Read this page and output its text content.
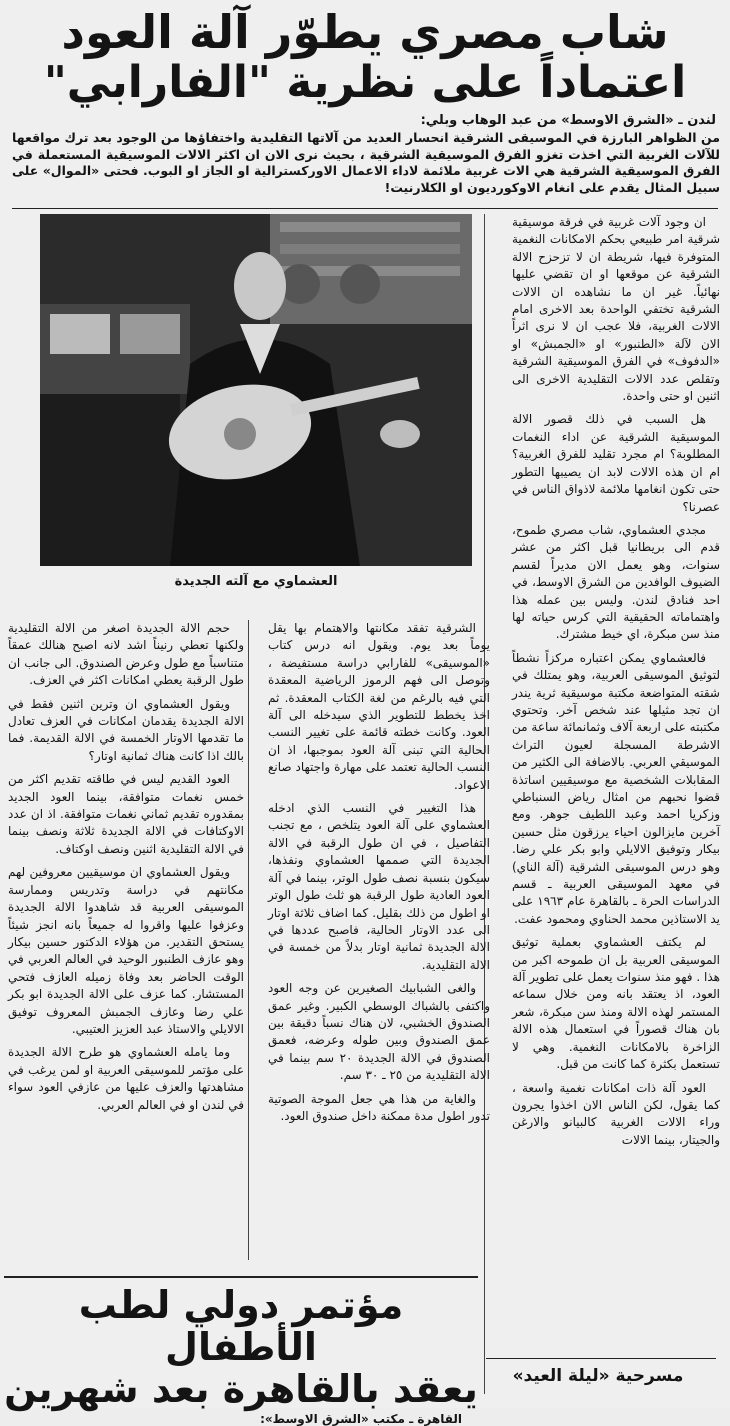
شاب مصري يطوّر آلة العود
اعتماداً على نظرية "الفارابي"
لندن ـ «الشرق الاوسط» من عبد الوهاب وبلي:
من الظواهر البارزة في الموسيقى الشرقية انحسار العديد من آلاتها التقليدية واختفاؤها من الوجود بعد ترك مواقعها للآلات الغربية التي اخذت تغزو الفرق الموسيقية الشرقية ، بحيث نرى الان ان اكثر الالات الموسيقية المستعملة في الفرق الموسيقية الشرقية هي الات غربية ملائمة لاداء الاعمال الاوركسترالية او الجاز او البوب. فحتى «الموال» على سبيل المثال يقدم على انغام الاوكورديون او الكلارنيت!
العشماوي مع آلته الجديدة

ان وجود آلات غربية في فرقة موسيقية شرقية امر طبيعي بحكم الامكانات النغمية المتوفرة فيها، شريطة ان لا تزحزح الالة الشرقية عن موقعها او ان تقضي عليها نهائياً. غير ان ما نشاهده ان الالات الشرقية تختفي الواحدة بعد الاخرى امام الالات الغربية، فلا عجب ان لا نرى اثراً الان لآلة «الطنبور» او «الجمبش» او «الدفوف» في الفرق الموسيقية الشرقية وتقلص عدد الالات التقليدية الاخرى الى اثنين او حتى واحدة.

هل السبب في ذلك قصور الالة الموسيقية الشرقية عن اداء النغمات المطلوبة؟ ام مجرد تقليد للفرق الغربية؟ ام ان هذه الالات لابد ان يصيبها التطور حتى تكون انغامها ملائمة لاذواق الناس في عصرنا؟

مجدي العشماوي، شاب مصري طموح، قدم الى بريطانيا قبل اكثر من عشر سنوات، وهو يعمل الان مديراً لقسم الضيوف الوافدين من الشرق الاوسط، في احد فنادق لندن. وليس بين عمله هذا واهتماماته الحقيقية التي كرس حياته لها منذ سن مبكرة، اي خيط مشترك.

فالعشماوي يمكن اعتباره مركزاً نشطاً لتوثيق الموسيقى العربية، وهو يمتلك في شقته المتواضعة مكتبة موسيقية ثرية يندر ان تجد مثيلها عند شخص آخر. وتحتوي مكتبته على اربعة آلاف وثمانمائة ساعة من الاشرطة المسجلة لعيون التراث الموسيقي العربي. بالاضافة الى الكثير من المقابلات الشخصية مع موسيقيين اساتذة قضوا نحبهم من امثال رياض السنباطي وزكريا احمد وعبد اللطيف جوهر. ومع آخرين مايزالون احياء يرزقون مثل حسين بيكار وتوفيق الالايلي وابو بكر علي رضا. وهو درس الموسيقى الشرقية (آلة الناي) في معهد الموسيقى العربية ـ قسم الدراسات الحرة ـ بالقاهرة عام ١٩٦٣ على يد الاستاذين محمد الحناوي ومحمود عفت.

لم يكتف العشماوي بعملية توثيق الموسيقى العربية بل ان طموحه اكبر من هذا . فهو منذ سنوات يعمل على تطوير آلة العود، اذ يعتقد بانه ومن خلال سماعه المستمر لهذه الالة ومنذ سن مبكرة، شعر بان هناك قصوراً في استعمال هذه الالة الزاخرة بالامكانات النغمية. وهي لا تستعمل بكثرة كما كانت من قبل.

العود آلة ذات امكانات نغمية واسعة ، كما يقول، لكن الناس الان اخذوا يجرون وراء الالات الغربية كالبيانو والارغن والجيتار، بينما الالات

الشرقية تفقد مكانتها والاهتمام بها يقل يوماً بعد يوم. ويقول انه درس كتاب «الموسيقى» للفارابي دراسة مستفيضة ، وتوصل الى فهم الرموز الرياضية المعقدة التي فيه بالرغم من لغة الكتاب المعقدة. ثم اخذ يخطط للتطوير الذي سيدخله الى آلة العود. وكانت خطته قائمة على تغيير النسب الحالية التي تبنى آلة العود بموجبها، اذ ان النسب الحالية تعتمد على مهارة واجتهاد صانع الاعواد.

هذا التغيير في النسب الذي ادخله العشماوي على آلة العود يتلخص ، مع تجنب التفاصيل ، في ان طول الرقبة في الالة الجديدة التي صممها العشماوي ونفذها، سيكون بنسبة نصف طول الوتر، بينما في آلة العود العادية طول الرقبة هو ثلث طول الوتر او اطول من ذلك بقليل. كما اضاف ثلاثة اوتار الى عدد الاوتار الحالية، فاصبح عددها في الالة الجديدة ثمانية اوتار بدلاً من خمسة في الالة التقليدية.

والغى الشبابيك الصغيرين عن وجه العود واكتفى بالشباك الوسطي الكبير. وغير عمق الصندوق الخشبي، لان هناك نسباً دقيقة بين عمق الصندوق وبين طوله وعرضه، فعمق الصندوق في الالة الجديدة ٢٠ سم بينما في الالة التقليدية من ٢٥ ـ ٣٠ سم.

والغاية من هذا هي جعل الموجة الصوتية تدور اطول مدة ممكنة داخل صندوق العود.

حجم الالة الجديدة اصغر من الالة التقليدية ولكنها تعطي رنيناً اشد لانه اصبح هنالك عمقاً متناسباً مع طول وعرض الصندوق. الى جانب ان طول الرقبة يعطي امكانات اكثر في العزف.

ويقول العشماوي ان وترين اثنين فقط في الالة الجديدة يقدمان امكانات في العزف تعادل ما تقدمها الاوتار الخمسة في الالة القديمة. فما بالك اذا كانت هناك ثمانية اوتار؟

العود القديم ليس في طاقته تقديم اكثر من خمس نغمات متوافقة، بينما العود الجديد بمقدوره تقديم ثماني نغمات متوافقة. اذ ان عدد الاوكتافات في الالة الجديدة ثلاثة ونصف بينما في الالة التقليدية اثنين ونصف اوكتاف.

ويقول العشماوي ان موسيقيين معروفين لهم مكانتهم في دراسة وتدريس وممارسة الموسيقى العربية قد شاهدوا الالة الجديدة وعزفوا عليها واقروا له جميعاً بانه انجز شيئاً يستحق التقدير. من هؤلاء الدكتور حسين بيكار وهو عازف الطنبور الوحيد في العالم العربي في الوقت الحاضر بعد وفاة زميله العازف فتحي المستشار. كما عزف على الالة الجديدة ابو بكر علي رضا وعازف الجمبش المعروف توفيق الالايلي والاستاذ عبد العزيز العتيبي.

وما يامله العشماوي هو طرح الالة الجديدة على مؤتمر للموسيقى العربية او لمن يرغب في مشاهدتها والعزف عليها من عازفي العود سواء في لندن او في العالم العربي.

مؤتمر دولي لطب الأطفال
يعقد بالقاهرة بعد شهرين
القاهرة ـ مكتب «الشرق الاوسط»:
مسرحية «ليلة العيد»
